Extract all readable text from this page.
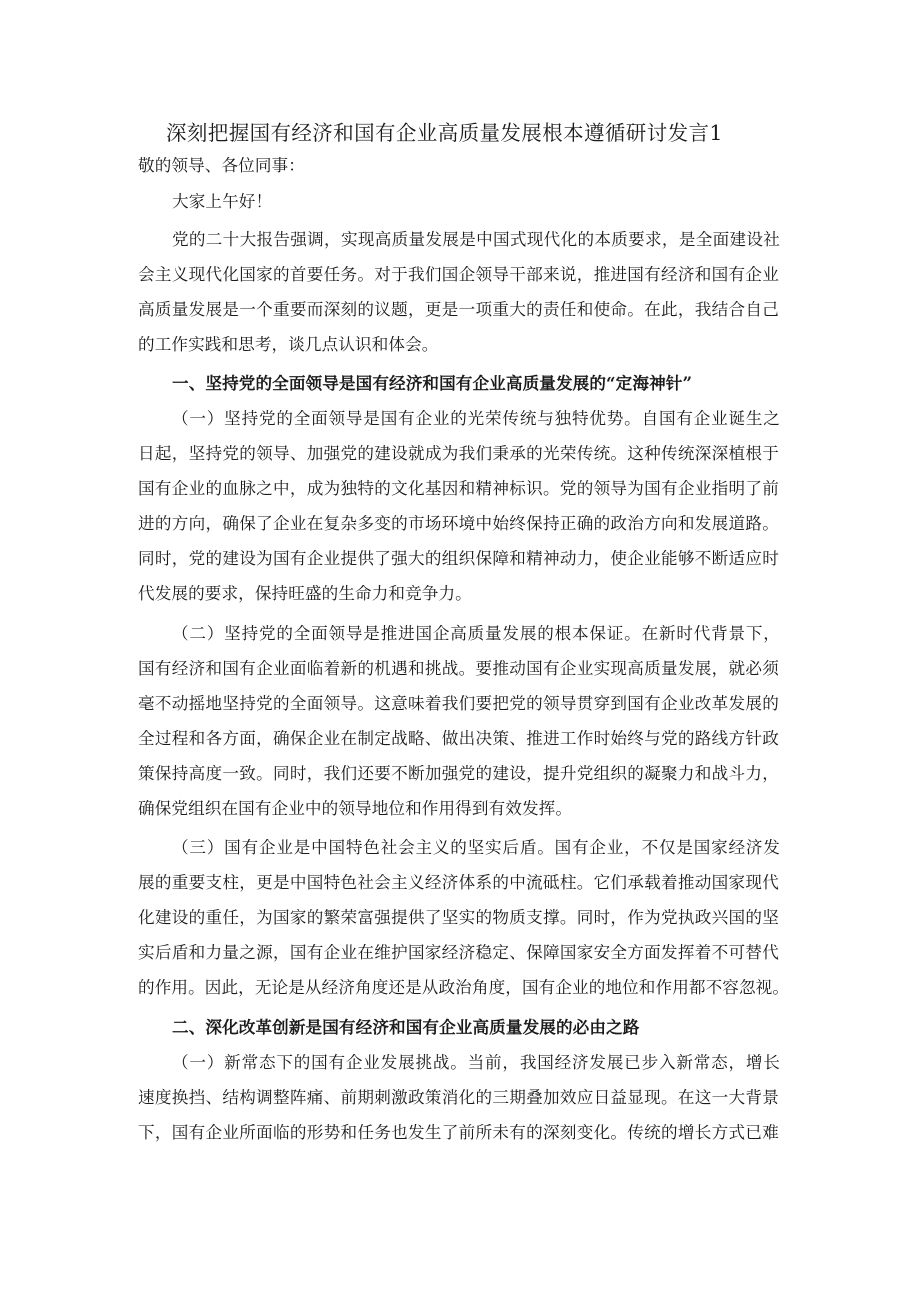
深刻把握国有经济和国有企业高质量发展根本遵循研讨发言1
敬的领导、各位同事：
大家上午好！
党的二十大报告强调，实现高质量发展是中国式现代化的本质要求，是全面建设社
会主义现代化国家的首要任务。对于我们国企领导干部来说，推进国有经济和国有企业
高质量发展是一个重要而深刻的议题，更是一项重大的责任和使命。在此，我结合自己
的工作实践和思考，谈几点认识和体会。
一、坚持党的全面领导是国有经济和国有企业高质量发展的“定海神针”
（一）坚持党的全面领导是国有企业的光荣传统与独特优势。自国有企业诞生之
日起，坚持党的领导、加强党的建设就成为我们秉承的光荣传统。这种传统深深植根于
国有企业的血脉之中，成为独特的文化基因和精神标识。党的领导为国有企业指明了前
进的方向，确保了企业在复杂多变的市场环境中始终保持正确的政治方向和发展道路。
同时，党的建设为国有企业提供了强大的组织保障和精神动力，使企业能够不断适应时
代发展的要求，保持旺盛的生命力和竞争力。
（二）坚持党的全面领导是推进国企高质量发展的根本保证。在新时代背景下，
国有经济和国有企业面临着新的机遇和挑战。要推动国有企业实现高质量发展，就必须
毫不动摇地坚持党的全面领导。这意味着我们要把党的领导贯穿到国有企业改革发展的
全过程和各方面，确保企业在制定战略、做出决策、推进工作时始终与党的路线方针政
策保持高度一致。同时，我们还要不断加强党的建设，提升党组织的凝聚力和战斗力，
确保党组织在国有企业中的领导地位和作用得到有效发挥。
（三）国有企业是中国特色社会主义的坚实后盾。国有企业，不仅是国家经济发
展的重要支柱，更是中国特色社会主义经济体系的中流砥柱。它们承载着推动国家现代
化建设的重任，为国家的繁荣富强提供了坚实的物质支撑。同时，作为党执政兴国的坚
实后盾和力量之源，国有企业在维护国家经济稳定、保障国家安全方面发挥着不可替代
的作用。因此，无论是从经济角度还是从政治角度，国有企业的地位和作用都不容忽视。
二、深化改革创新是国有经济和国有企业高质量发展的必由之路
（一）新常态下的国有企业发展挑战。当前，我国经济发展已步入新常态，增长
速度换挡、结构调整阵痛、前期刺激政策消化的三期叠加效应日益显现。在这一大背景
下，国有企业所面临的形势和任务也发生了前所未有的深刻变化。传统的增长方式已难
